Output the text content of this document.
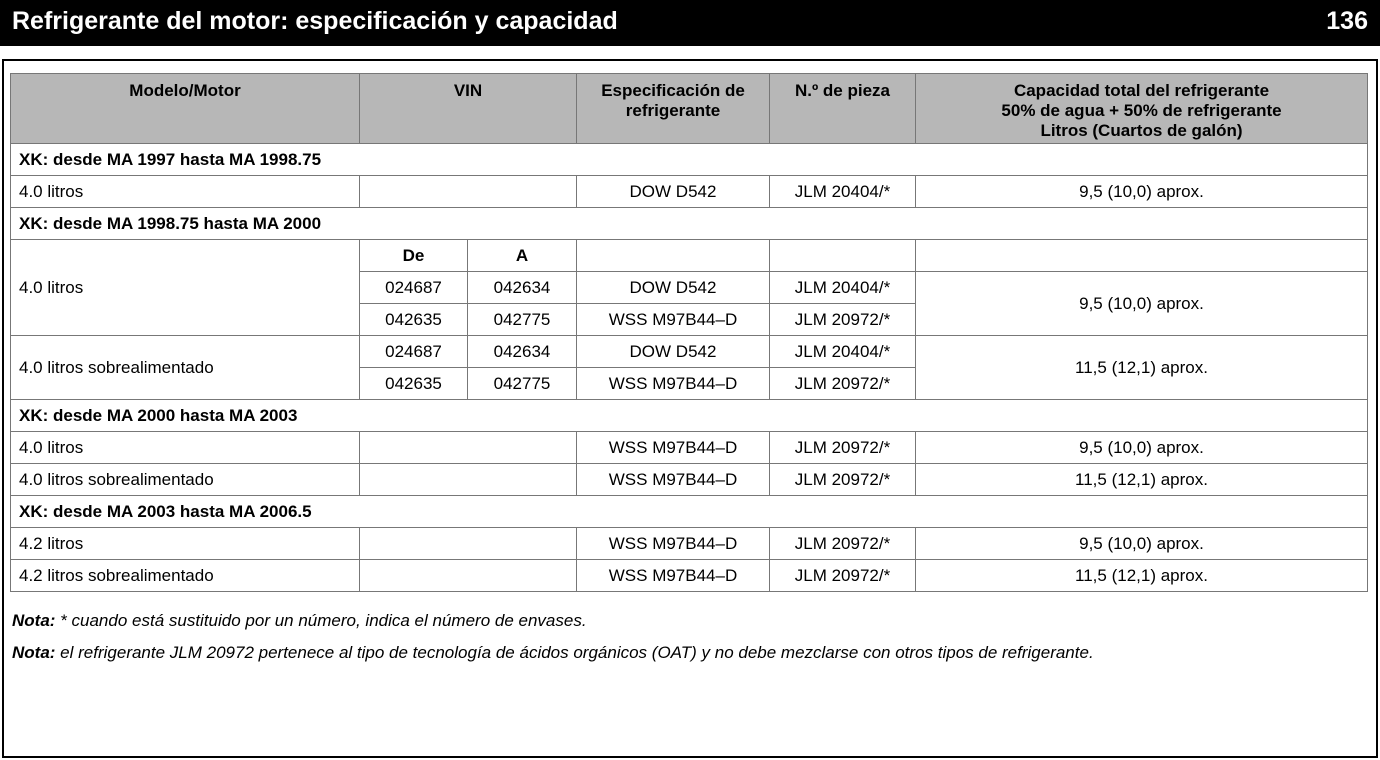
Refrigerante del motor: especificación y capacidad	136
Modelo/Motor	VIN		Especificación de refrigerante	N.º de pieza	Capacidad total del refrigerante
50% de agua + 50% de refrigerante
Litros (Cuartos de galón)

XK: desde MA 1997 hasta MA 1998.75					
4.0 litros			DOW D542	JLM 20404/*	9,5 (10,0) aprox.
XK: desde MA 1998.75 hasta MA 2000					
4.0 litros	De	A			
	024687	042634	DOW D542	JLM 20404/*	9,5 (10,0) aprox.
	042635	042775	WSS M97B44–D	JLM 20972/*	
4.0 litros sobrealimentado	024687	042634	DOW D542	JLM 20404/*	11,5 (12,1) aprox.
	042635	042775	WSS M97B44–D	JLM 20972/*	
XK: desde MA 2000 hasta MA 2003					
4.0 litros			WSS M97B44–D	JLM 20972/*	9,5 (10,0) aprox.
4.0 litros sobrealimentado			WSS M97B44–D	JLM 20972/*	11,5 (12,1) aprox.
XK: desde MA 2003 hasta MA 2006.5					
4.2 litros			WSS M97B44–D	JLM 20972/*	9,5 (10,0) aprox.
4.2 litros sobrealimentado			WSS M97B44–D	JLM 20972/*	11,5 (12,1) aprox.
Nota: * cuando está sustituido por un número, indica el número de envases.
Nota: el refrigerante JLM 20972 pertenece al tipo de tecnología de ácidos orgánicos (OAT) y no debe mezclarse con otros tipos de refrigerante.
